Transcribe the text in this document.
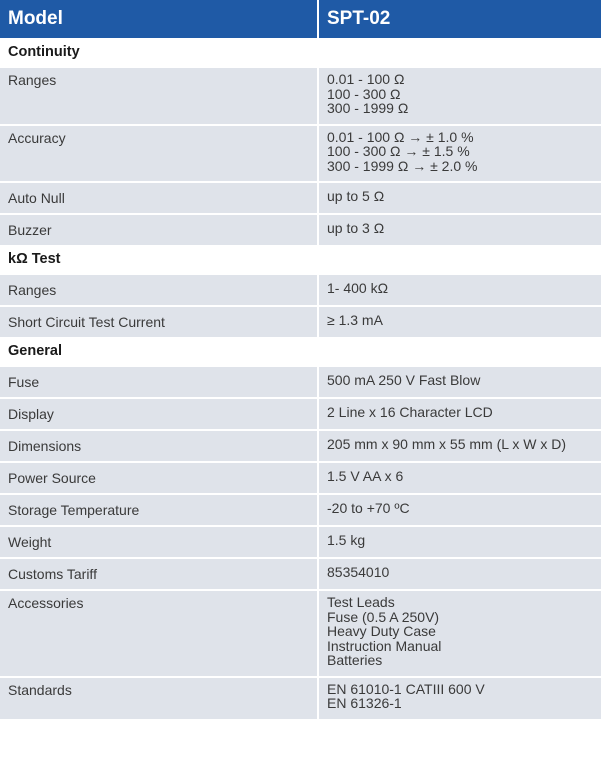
Model	SPT-02
Continuity	
Ranges	0.01 - 100 Ω
100 - 300 Ω
300 - 1999 Ω

Accuracy	0.01 - 100 Ω → ± 1.0 %
100 - 300 Ω → ± 1.5 %
300 - 1999 Ω → ± 2.0 %

Auto Null	up to 5 Ω

Buzzer	up to 3 Ω

kΩ Test	
Ranges	1- 400 kΩ

Short Circuit Test Current	≥ 1.3 mA

General	
Fuse	500 mA 250 V Fast Blow

Display	2 Line x 16 Character LCD

Dimensions	205 mm x 90 mm x 55 mm (L x W x D)

Power Source	1.5 V AA x 6

Storage Temperature	-20 to +70 ºC

Weight	1.5 kg

Customs Tariff	85354010

Accessories	Test Leads
Fuse (0.5 A 250V)
Heavy Duty Case
Instruction Manual
Batteries

Standards	EN 61010-1 CATIII 600 V
EN 61326-1
